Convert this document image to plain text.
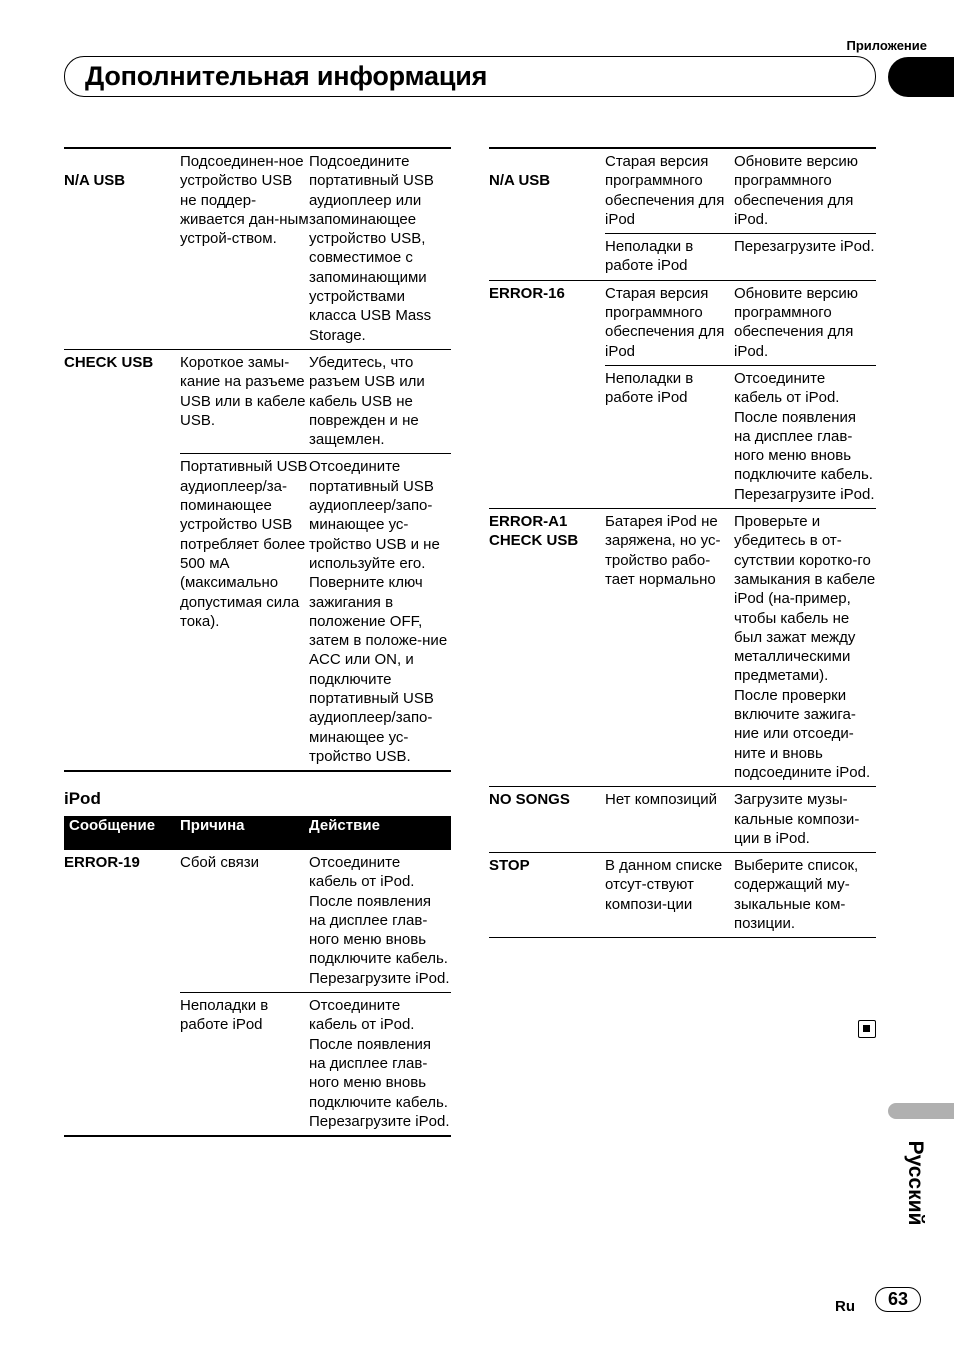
Приложение
Дополнительная информация
N/A USB	Подсоединен-ное устройство USB не поддер-живается дан-ным устрой-ством.	Подсоедините портативный USB аудиоплеер или запоминающее устройство USB, совместимое с запоминающими устройствами класса USB Mass Storage.
CHECK USB	Короткое замы-кание на разъеме USB или в кабеле USB.	Убедитесь, что разъем USB или кабель USB не поврежден и не защемлен.
	Портативный USB аудиоплеер/за-поминающее устройство USB потребляет более 500 мА (максимально допустимая сила тока).	Отсоедините портативный USB аудиоплеер/запо-минающее ус-тройство USB и не используйте его. Поверните ключ зажигания в положение OFF, затем в положе-ние ACC или ON, и подключите портативный USB аудиоплеер/запо-минающее ус-тройство USB.
iPod
Сообщение	Причина	Действие
ERROR-19	Сбой связи	Отсоедините кабель от iPod. После появления на дисплее глав-ного меню вновь подключите кабель. Перезагрузите iPod.
	Неполадки в работе iPod	Отсоедините кабель от iPod. После появления на дисплее глав-ного меню вновь подключите кабель. Перезагрузите iPod.
N/A USB	Старая версия программного обеспечения для iPod	Обновите версию программного обеспечения для iPod.
	Неполадки в работе iPod	Перезагрузите iPod.
ERROR-16	Старая версия программного обеспечения для iPod	Обновите версию программного обеспечения для iPod.
	Неполадки в работе iPod	Отсоедините кабель от iPod. После появления на дисплее глав-ного меню вновь подключите кабель. Перезагрузите iPod.
ERROR-A1 CHECK USB	Батарея iPod не заряжена, но ус-тройство рабо-тает нормально	Проверьте и убедитесь в от-сутствии коротко-го замыкания в кабеле iPod (на-пример, чтобы кабель не был зажат между металлическими предметами). После проверки включите зажига-ние или отсоеди-ните и вновь подсоедините iPod.
NO SONGS	Нет композиций	Загрузите музы-кальные компози-ции в iPod.
STOP	В данном списке отсут-ствуют компози-ции	Выберите список, содержащий му-зыкальные ком-позиции.
Русский
Ru	63
